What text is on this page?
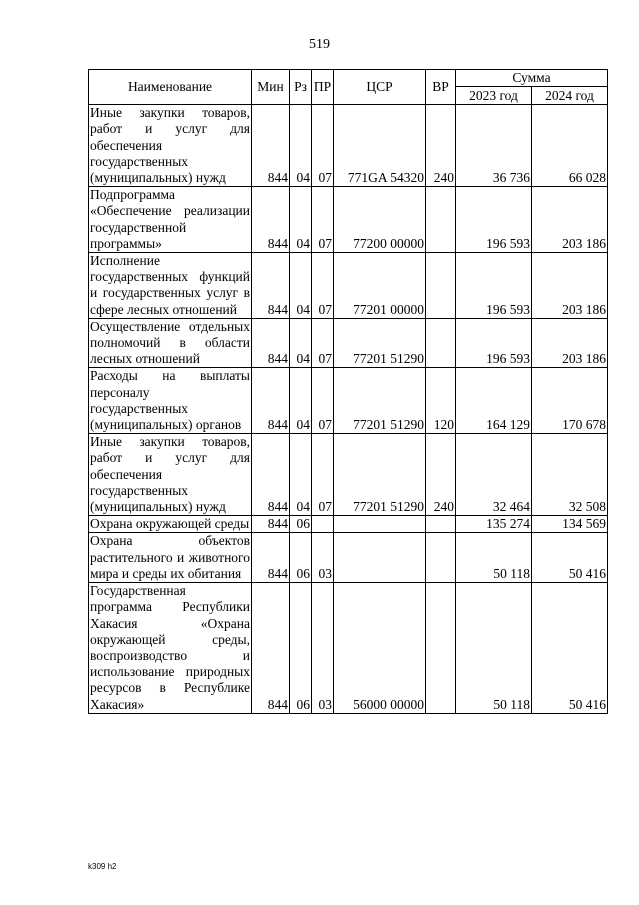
519
Наименование	Мин	Рз	ПР	ЦСР	ВР	Сумма	
						2023 год	2024 год
Иные закупки товаров, работ и услуг для обеспечения государственных (муниципальных) нужд	844	04	07	771GA 54320	240	36 736	66 028
Подпрограмма «Обеспечение реализации государственной программы»	844	04	07	77200 00000		196 593	203 186
Исполнение государственных функций и государственных услуг в сфере лесных отношений	844	04	07	77201 00000		196 593	203 186
Осуществление отдельных полномочий в области лесных отношений	844	04	07	77201 51290		196 593	203 186
Расходы на выплаты персоналу государственных (муниципальных) органов	844	04	07	77201 51290	120	164 129	170 678
Иные закупки товаров, работ и услуг для обеспечения государственных (муниципальных) нужд	844	04	07	77201 51290	240	32 464	32 508
Охрана окружающей среды	844	06				135 274	134 569
Охрана объектов растительного и животного мира и среды их обитания	844	06	03			50 118	50 416
Государственная программа Республики Хакасия «Охрана окружающей среды, воспроизводство и использование природных ресурсов в Республике Хакасия»	844	06	03	56000 00000		50 118	50 416
k309 h2
